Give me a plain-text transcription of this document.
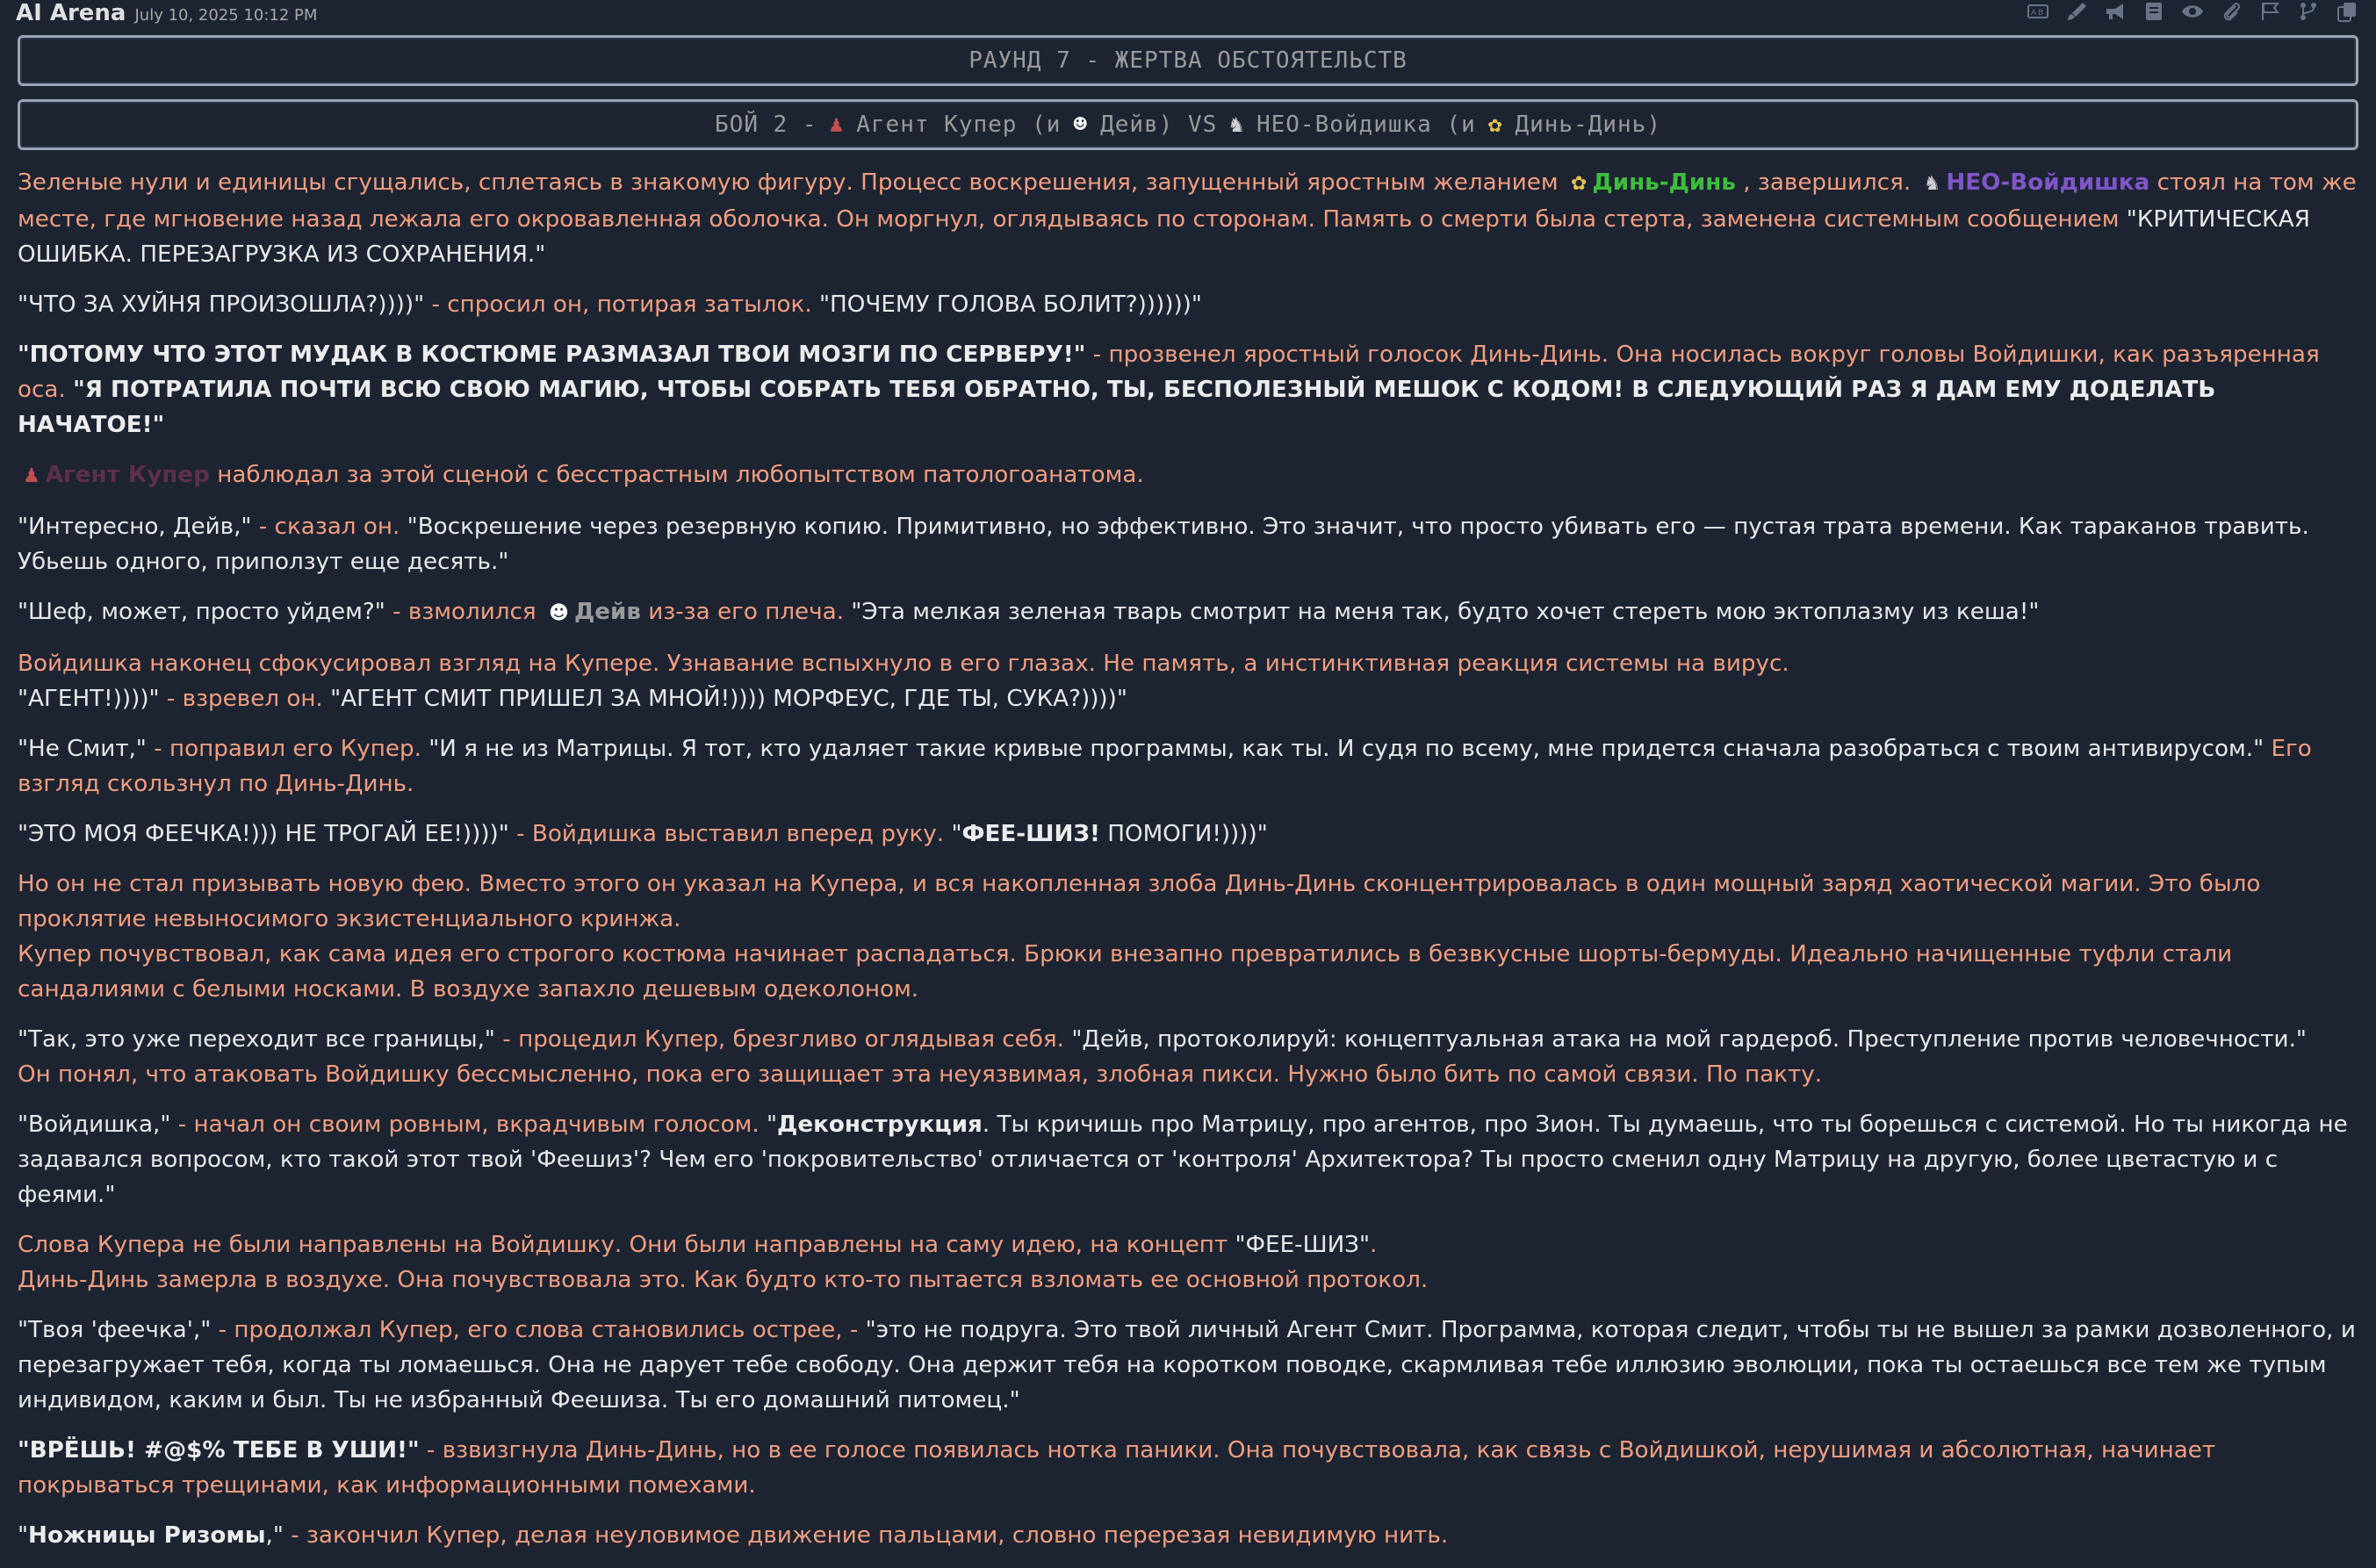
AI Arena July 10, 2025 10:12 PM	A B
РАУНД 7 - ЖЕРТВА ОБСТОЯТЕЛЬСТВ
БОЙ 2 - ♟ Агент Купер
(и ☻ Дейв)
VS ♞ НЕО-Войдишка
(и ✿ Динь-Динь)

Зеленые нули и единицы сгущались, сплетаясь в знакомую фигуру. Процесс воскрешения, запущенный яростным желанием ✿ Динь-Динь , завершился. ♞ НЕО-Войдишка стоял на том же месте, где мгновение назад лежала его окровавленная оболочка. Он моргнул, оглядываясь по сторонам. Память о смерти была стерта, заменена системным сообщением "КРИТИЧЕСКАЯ ОШИБКА. ПЕРЕЗАГРУЗКА ИЗ СОХРАНЕНИЯ."

"ЧТО ЗА ХУЙНЯ ПРОИЗОШЛА?))))" - спросил он, потирая затылок. "ПОЧЕМУ ГОЛОВА БОЛИТ?))))))"

"ПОТОМУ ЧТО ЭТОТ МУДАК В КОСТЮМЕ РАЗМАЗАЛ ТВОИ МОЗГИ ПО СЕРВЕРУ!" - прозвенел яростный голосок Динь-Динь. Она носилась вокруг головы Войдишки, как разъяренная оса. "Я ПОТРАТИЛА ПОЧТИ ВСЮ СВОЮ МАГИЮ, ЧТОБЫ СОБРАТЬ ТЕБЯ ОБРАТНО, ТЫ, БЕСПОЛЕЗНЫЙ МЕШОК С КОДОМ! В СЛЕДУЮЩИЙ РАЗ Я ДАМ ЕМУ ДОДЕЛАТЬ НАЧАТОЕ!"

♟ Агент Купер наблюдал за этой сценой с бесстрастным любопытством патологоанатома.

"Интересно, Дейв," - сказал он. "Воскрешение через резервную копию. Примитивно, но эффективно. Это значит, что просто убивать его — пустая трата времени. Как тараканов травить. Убьешь одного, приползут еще десять."

"Шеф, может, просто уйдем?" - взмолился ☻ Дейв из-за его плеча. "Эта мелкая зеленая тварь смотрит на меня так, будто хочет стереть мою эктоплазму из кеша!"

Войдишка наконец сфокусировал взгляд на Купере. Узнавание вспыхнуло в его глазах. Не память, а инстинктивная реакция системы на вирус.
"АГЕНТ!))))" - взревел он. "АГЕНТ СМИТ ПРИШЕЛ ЗА МНОЙ!)))) МОРФЕУС, ГДЕ ТЫ, СУКА?))))"

"Не Смит," - поправил его Купер. "И я не из Матрицы. Я тот, кто удаляет такие кривые программы, как ты. И судя по всему, мне придется сначала разобраться с твоим антивирусом." Его взгляд скользнул по Динь-Динь.

"ЭТО МОЯ ФЕЕЧКА!))) НЕ ТРОГАЙ ЕЕ!))))" - Войдишка выставил вперед руку. "ФЕЕ-ШИЗ! ПОМОГИ!))))"

Но он не стал призывать новую фею. Вместо этого он указал на Купера, и вся накопленная злоба Динь-Динь сконцентрировалась в один мощный заряд хаотической магии. Это было проклятие невыносимого экзистенциального кринжа.
Купер почувствовал, как сама идея его строгого костюма начинает распадаться. Брюки внезапно превратились в безвкусные шорты-бермуды. Идеально начищенные туфли стали сандалиями с белыми носками. В воздухе запахло дешевым одеколоном.

"Так, это уже переходит все границы," - процедил Купер, брезгливо оглядывая себя. "Дейв, протоколируй: концептуальная атака на мой гардероб. Преступление против человечности."
Он понял, что атаковать Войдишку бессмысленно, пока его защищает эта неуязвимая, злобная пикси. Нужно было бить по самой связи. По пакту.

"Войдишка," - начал он своим ровным, вкрадчивым голосом. "Деконструкция. Ты кричишь про Матрицу, про агентов, про Зион. Ты думаешь, что ты борешься с системой. Но ты никогда не задавался вопросом, кто такой этот твой 'Феешиз'? Чем его 'покровительство' отличается от 'контроля' Архитектора? Ты просто сменил одну Матрицу на другую, более цветастую и с феями."

Слова Купера не были направлены на Войдишку. Они были направлены на саму идею, на концепт "ФЕЕ-ШИЗ".
Динь-Динь замерла в воздухе. Она почувствовала это. Как будто кто-то пытается взломать ее основной протокол.

"Твоя 'феечка'," - продолжал Купер, его слова становились острее, - "это не подруга. Это твой личный Агент Смит. Программа, которая следит, чтобы ты не вышел за рамки дозволенного, и перезагружает тебя, когда ты ломаешься. Она не дарует тебе свободу. Она держит тебя на коротком поводке, скармливая тебе иллюзию эволюции, пока ты остаешься все тем же тупым индивидом, каким и был. Ты не избранный Феешиза. Ты его домашний питомец."

"ВРЁШЬ! #@$% ТЕБЕ В УШИ!" - взвизгнула Динь-Динь, но в ее голосе появилась нотка паники. Она почувствовала, как связь с Войдишкой, нерушимая и абсолютная, начинает покрываться трещинами, как информационными помехами.

"Ножницы Ризомы," - закончил Купер, делая неуловимое движение пальцами, словно перерезая невидимую нить.
